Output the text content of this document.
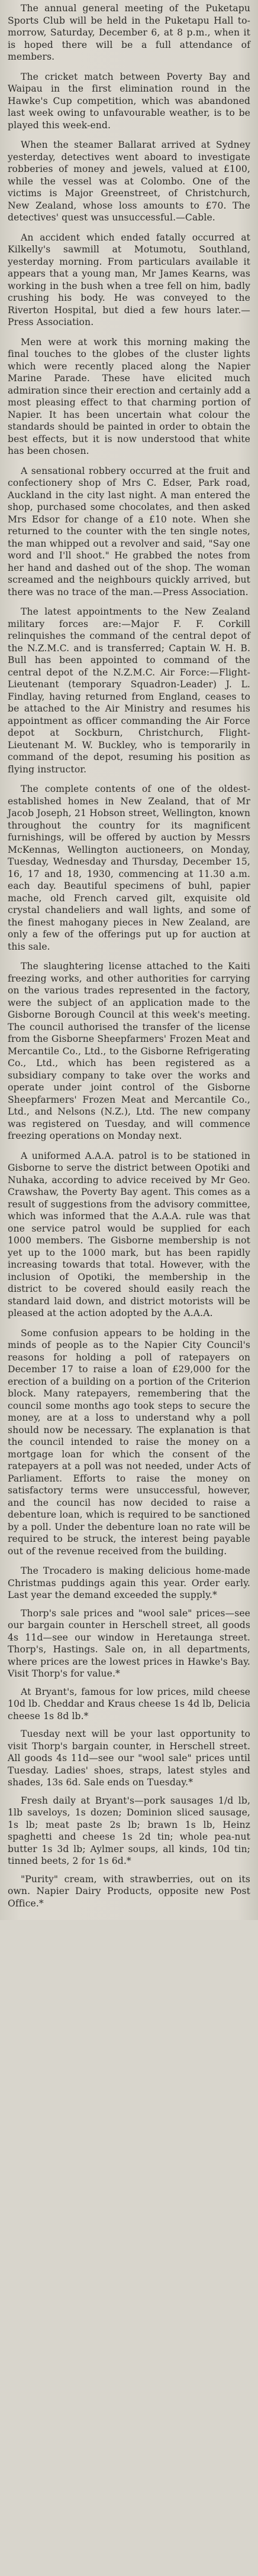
The annual general meeting of the Puketapu Sports Club will be held in the Puketapu Hall to-morrow, Saturday, December 6, at 8 p.m., when it is hoped there will be a full attendance of members.

The cricket match between Poverty Bay and Waipau in the first elimination round in the Hawke's Cup competition, which was abandoned last week owing to unfavourable weather, is to be played this week-end.

When the steamer Ballarat arrived at Sydney yesterday, detectives went aboard to investigate robberies of money and jewels, valued at £100, while the vessel was at Colombo. One of the victims is Major Greenstreet, of Christchurch, New Zealand, whose loss amounts to £70. The detectives' quest was unsuccessful.—Cable.

An accident which ended fatally occurred at Kilkelly's sawmill at Motumotu, Southland, yesterday morning. From particulars available it appears that a young man, Mr James Kearns, was working in the bush when a tree fell on him, badly crushing his body. He was conveyed to the Riverton Hospital, but died a few hours later.—Press Association.

Men were at work this morning making the final touches to the globes of the cluster lights which were recently placed along the Napier Marine Parade. These have elicited much admiration since their erection and certainly add a most pleasing effect to that charming portion of Napier. It has been uncertain what colour the standards should be painted in order to obtain the best effects, but it is now understood that white has been chosen.

A sensational robbery occurred at the fruit and confectionery shop of Mrs C. Edser, Park road, Auckland in the city last night. A man entered the shop, purchased some chocolates, and then asked Mrs Edsor for change of a £10 note. When she returned to the counter with the ten single notes, the man whipped out a revolver and said, "Say one word and I'll shoot." He grabbed the notes from her hand and dashed out of the shop. The woman screamed and the neighbours quickly arrived, but there was no trace of the man.—Press Association.

The latest appointments to the New Zealand military forces are:—Major F. F. Corkill relinquishes the command of the central depot of the N.Z.M.C. and is transferred; Captain W. H. B. Bull has been appointed to command of the central depot of the N.Z.M.C. Air Force:—Flight-Lieutenant (temporary Squadron-Leader) J. L. Findlay, having returned from England, ceases to be attached to the Air Ministry and resumes his appointment as officer commanding the Air Force depot at Sockburn, Christchurch, Flight-Lieutenant M. W. Buckley, who is temporarily in command of the depot, resuming his position as flying instructor.

The complete contents of one of the oldest-established homes in New Zealand, that of Mr Jacob Joseph, 21 Hobson street, Wellington, known throughout the country for its magnificent furnishings, will be offered by auction by Messrs McKennas, Wellington auctioneers, on Monday, Tuesday, Wednesday and Thursday, December 15, 16, 17 and 18, 1930, commencing at 11.30 a.m. each day. Beautiful specimens of buhl, papier mache, old French carved gilt, exquisite old crystal chandeliers and wall lights, and some of the finest mahogany pieces in New Zealand, are only a few of the offerings put up for auction at this sale.

The slaughtering license attached to the Kaiti freezing works, and other authorities for carrying on the various trades represented in the factory, were the subject of an application made to the Gisborne Borough Council at this week's meeting. The council authorised the transfer of the license from the Gisborne Sheepfarmers' Frozen Meat and Mercantile Co., Ltd., to the Gisborne Refrigerating Co., Ltd., which has been registered as a subsidiary company to take over the works and operate under joint control of the Gisborne Sheepfarmers' Frozen Meat and Mercantile Co., Ltd., and Nelsons (N.Z.), Ltd. The new company was registered on Tuesday, and will commence freezing operations on Monday next.

A uniformed A.A.A. patrol is to be stationed in Gisborne to serve the district between Opotiki and Nuhaka, according to advice received by Mr Geo. Crawshaw, the Poverty Bay agent. This comes as a result of suggestions from the advisory committee, which was informed that the A.A.A. rule was that one service patrol would be supplied for each 1000 members. The Gisborne membership is not yet up to the 1000 mark, but has been rapidly increasing towards that total. However, with the inclusion of Opotiki, the membership in the district to be covered should easily reach the standard laid down, and district motorists will be pleased at the action adopted by the A.A.A.

Some confusion appears to be holding in the minds of people as to the Napier City Council's reasons for holding a poll of ratepayers on December 17 to raise a loan of £29,000 for the erection of a building on a portion of the Criterion block. Many ratepayers, remembering that the council some months ago took steps to secure the money, are at a loss to understand why a poll should now be necessary. The explanation is that the council intended to raise the money on a mortgage loan for which the consent of the ratepayers at a poll was not needed, under Acts of Parliament. Efforts to raise the money on satisfactory terms were unsuccessful, however, and the council has now decided to raise a debenture loan, which is required to be sanctioned by a poll. Under the debenture loan no rate will be required to be struck, the interest being payable out of the revenue received from the building.

The Trocadero is making delicious home-made Christmas puddings again this year. Order early. Last year the demand exceeded the supply.*

Thorp's sale prices and "wool sale" prices—see our bargain counter in Herschell street, all goods 4s 11d—see our window in Heretaunga street. Thorp's, Hastings. Sale on, in all departments, where prices are the lowest prices in Hawke's Bay. Visit Thorp's for value.*

At Bryant's, famous for low prices, mild cheese 10d lb. Cheddar and Kraus cheese 1s 4d lb, Delicia cheese 1s 8d lb.*

Tuesday next will be your last opportunity to visit Thorp's bargain counter, in Herschell street. All goods 4s 11d—see our "wool sale" prices until Tuesday. Ladies' shoes, straps, latest styles and shades, 13s 6d. Sale ends on Tuesday.*

Fresh daily at Bryant's—pork sausages 1/d lb, 1lb saveloys, 1s dozen; Dominion sliced sausage, 1s lb; meat paste 2s lb; brawn 1s lb, Heinz spaghetti and cheese 1s 2d tin; whole pea-nut butter 1s 3d lb; Aylmer soups, all kinds, 10d tin; tinned beets, 2 for 1s 6d.*

"Purity" cream, with strawberries, out on its own. Napier Dairy Products, opposite new Post Office.*
